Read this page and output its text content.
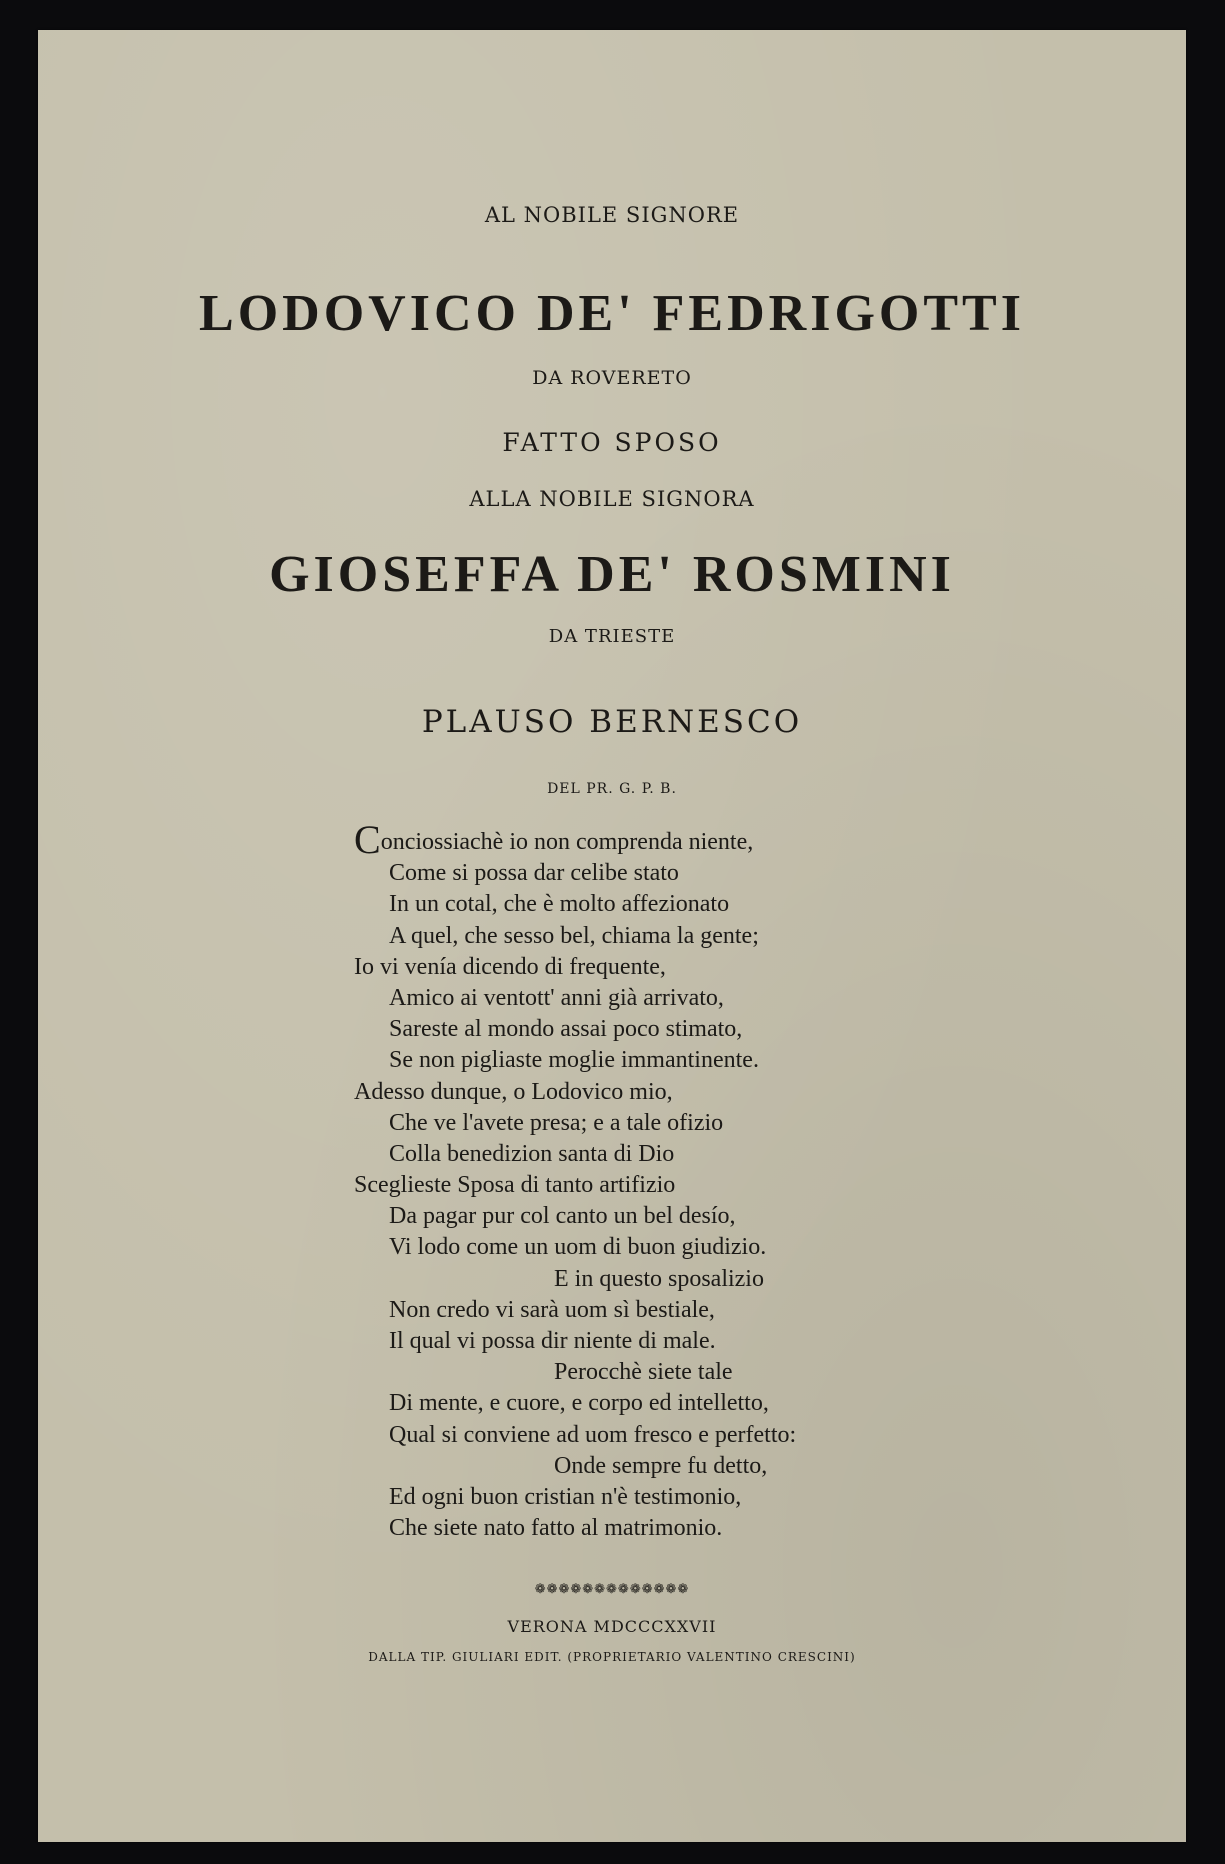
AL NOBILE SIGNORE
LODOVICO DE' FEDRIGOTTI
DA ROVERETO
FATTO SPOSO
ALLA NOBILE SIGNORA
GIOSEFFA DE' ROSMINI
DA TRIESTE
PLAUSO BERNESCO
DEL PR. G. P. B.
Conciossiachè io non comprenda niente,
Come si possa dar celibe stato
In un cotal, che è molto affezionato
A quel, che sesso bel, chiama la gente;
Io vi venía dicendo di frequente,
Amico ai ventott' anni già arrivato,
Sareste al mondo assai poco stimato,
Se non pigliaste moglie immantinente.
Adesso dunque, o Lodovico mio,
Che ve l'avete presa; e a tale ofizio
Colla benedizion santa di Dio
Sceglieste Sposa di tanto artifizio
Da pagar pur col canto un bel desío,
Vi lodo come un uom di buon giudizio.
E in questo sposalizio
Non credo vi sarà uom sì bestiale,
Il qual vi possa dir niente di male.
Perocchè siete tale
Di mente, e cuore, e corpo ed intelletto,
Qual si conviene ad uom fresco e perfetto:
Onde sempre fu detto,
Ed ogni buon cristian n'è testimonio,
Che siete nato fatto al matrimonio.
❁❁❁❁❁❁❁❁❁❁❁❁❁
VERONA MDCCCXXVII
DALLA TIP. GIULIARI EDIT. (PROPRIETARIO VALENTINO CRESCINI)
